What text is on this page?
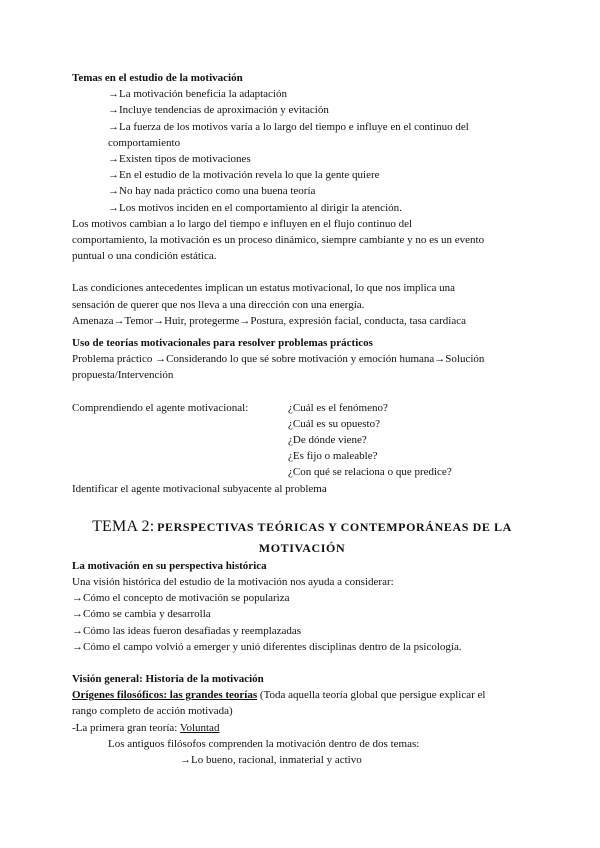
Temas en el estudio de la motivación
→La motivación beneficia la adaptación
→Incluye tendencias de aproximación y evitación
→La fuerza de los motivos varía a lo largo del tiempo e influye en el continuo del
comportamiento
→Existen tipos de motivaciones
→En el estudio de la motivación revela lo que la gente quiere
→No hay nada práctico como una buena teoría
→Los motivos inciden en el comportamiento al dirigir la atención.
Los motivos cambian a lo largo del tiempo e influyen en el flujo continuo del
comportamiento, la motivación es un proceso dinámico, siempre cambiante y no es un evento
puntual o una condición estática.
Las condiciones antecedentes implican un estatus motivacional, lo que nos implica una
sensación de querer que nos lleva a una dirección con una energía.
Amenaza→Temor→Huir, protegerme→Postura, expresión facial, conducta, tasa cardiaca
Uso de teorías motivacionales para resolver problemas prácticos
Problema práctico →Considerando lo que sé sobre motivación y emoción humana→Solución
propuesta/Intervención
Comprendiendo el agente motivacional:	¿Cuál es el fenómeno?
¿Cuál es su opuesto?
¿De dónde viene?
¿Es fijo o maleable?
¿Con qué se relaciona o que predice?
Identificar el agente motivacional subyacente al problema
TEMA 2: PERSPECTIVAS TEÓRICAS Y CONTEMPORÁNEAS DE LA
MOTIVACIÓN
La motivación en su perspectiva histórica
Una visión histórica del estudio de la motivación nos ayuda a considerar:
→Cómo el concepto de motivación se populariza
→Cómo se cambia y desarrolla
→Cómo las ideas fueron desafiadas y reemplazadas
→Cómo el campo volvió a emerger y unió diferentes disciplinas dentro de la psicología.
Visión general: Historia de la motivación
Orígenes filosóficos: las grandes teorías (Toda aquella teoría global que persigue explicar el
rango completo de acción motivada)
-La primera gran teoría: Voluntad
Los antiguos filósofos comprenden la motivación dentro de dos temas:
→Lo bueno, racional, inmaterial y activo
